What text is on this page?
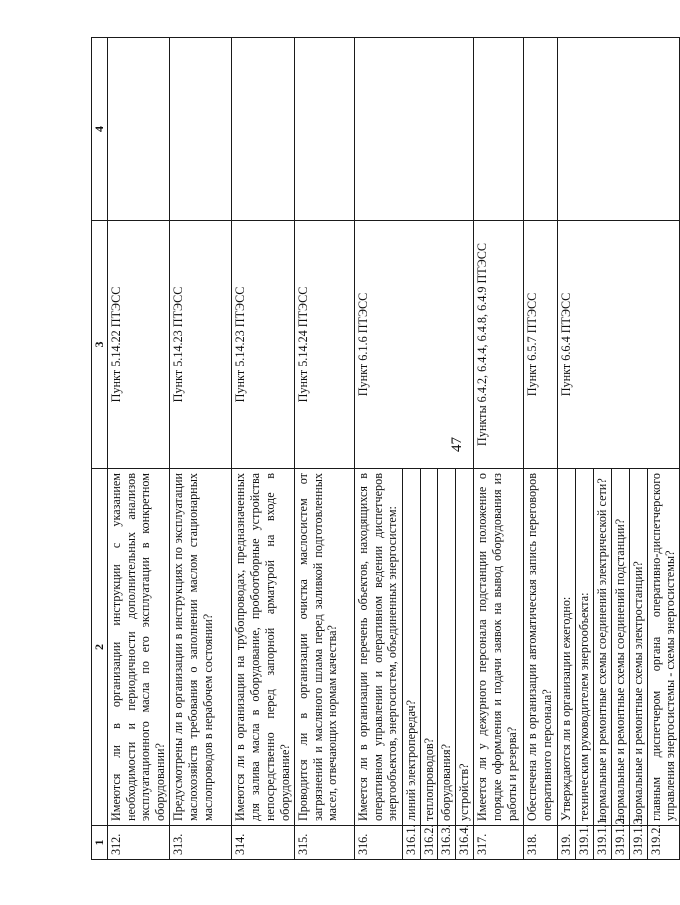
47
1	2	3	4
312.	Имеются ли в организации инструкции с указанием необходимости и периодичности дополнительных анализов эксплуатационного масла по его эксплуатации в конкретном оборудовании?	Пункт 5.14.22 ПТЭСС	
313.	Предусмотрены ли в организации в инструкциях по эксплуатации маслохозяйств требования о заполнении маслом стационарных маслопроводов в нерабочем состоянии?	Пункт 5.14.23 ПТЭСС	
314.	Имеются ли в организации на трубопроводах, предназначенных для залива масла в оборудование, пробоотборные устройства непосредственно перед запорной арматурой на входе в оборудование?	Пункт 5.14.23 ПТЭСС	
315.	Проводится ли в организации очистка маслосистем от загрязнений и масляного шлама перед заливкой подготовленных масел, отвечающих нормам качества?	Пункт 5.14.24 ПТЭСС	
316.	Имеется ли в организации перечень объектов, находящихся в оперативном управлении и оперативном ведении диспетчеров энергообъектов, энергосистем, объединенных энергосистем:	Пункт 6.1.6 ПТЭСС	
316.1.	линий электропередач?		
316.2.	теплопроводов?		
316.3.	оборудования?		
316.4.	устройств?		
317.	Имеется ли у дежурного персонала подстанции положение о порядке оформления и подачи заявок на вывод оборудования из работы и резерва?	Пункты 6.4.2, 6.4.4, 6.4.8, 6.4.9 ПТЭСС	
318.	Обеспечена ли в организации автоматическая запись переговоров оперативного персонала?	Пункт 6.5.7 ПТЭСС	
319.	Утверждаются ли в организации ежегодно:	Пункт 6.6.4 ПТЭСС	
319.1.	техническим руководителем энергообъекта:		
319.1.1.	нормальные и ремонтные схемы соединений электрической сети?		
319.1.2.	нормальные и ремонтные схемы соединений подстанции?		
319.1.3.	нормальные и ремонтные схемы электростанции?		
319.2.	главным диспетчером органа оперативно-диспетчерского управления энергосистемы - схемы энергосистемы?		
